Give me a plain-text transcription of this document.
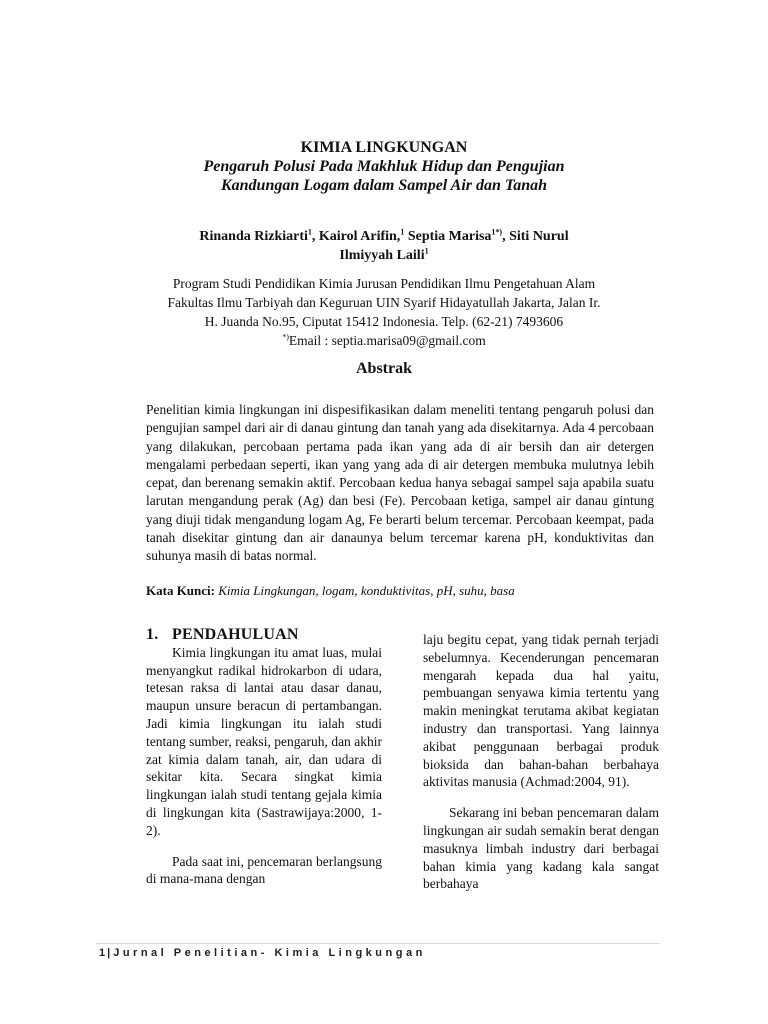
KIMIA LINGKUNGAN

Pengaruh Polusi Pada Makhluk Hidup dan Pengujian

Kandungan Logam dalam Sampel Air dan Tanah

Rinanda Rizkiarti$^1$, Kairol Arifin,$^1$ Septia Marisa$^{1*)}$, Siti Nurul
Ilmiyyah Laili$^1$
Program Studi Pendidikan Kimia Jurusan Pendidikan Ilmu Pengetahuan Alam
Fakultas Ilmu Tarbiyah dan Keguruan UIN Syarif Hidayatullah Jakarta, Jalan Ir.
H. Juanda No.95, Ciputat 15412 Indonesia. Telp. (62-21) 7493606
*)Email : septia.marisa09@gmail.com
Abstrak

Penelitian kimia lingkungan ini dispesifikasikan dalam meneliti tentang pengaruh polusi dan pengujian sampel dari air di danau gintung dan tanah yang ada disekitarnya. Ada 4 percobaan yang dilakukan, percobaan pertama pada ikan yang ada di air bersih dan air detergen mengalami perbedaan seperti, ikan yang yang ada di air detergen membuka mulutnya lebih cepat, dan berenang semakin aktif. Percobaan kedua hanya sebagai sampel saja apabila suatu larutan mengandung perak (Ag) dan besi (Fe). Percobaan ketiga, sampel air danau gintung yang diuji tidak mengandung logam Ag, Fe berarti belum tercemar. Percobaan keempat, pada tanah disekitar gintung dan air danaunya belum tercemar karena pH, konduktivitas dan suhunya masih di batas normal.

Kata Kunci: Kimia Lingkungan, logam, konduktivitas, pH, suhu, basa

1. PENDAHULUAN

Kimia lingkungan itu amat luas, mulai menyangkut radikal hidrokarbon di udara, tetesan raksa di lantai atau dasar danau, maupun unsure beracun di pertambangan. Jadi kimia lingkungan itu ialah studi tentang sumber, reaksi, pengaruh, dan akhir zat kimia dalam tanah, air, dan udara di sekitar kita. Secara singkat kimia lingkungan ialah studi tentang gejala kimia di lingkungan kita (Sastrawijaya:2000, 1-2).

Pada saat ini, pencemaran berlangsung di mana-mana dengan

laju begitu cepat, yang tidak pernah terjadi sebelumnya. Kecenderungan pencemaran mengarah kepada dua hal yaitu, pembuangan senyawa kimia tertentu yang makin meningkat terutama akibat kegiatan industry dan transportasi. Yang lainnya akibat penggunaan berbagai produk bioksida dan bahan-bahan berbahaya aktivitas manusia (Achmad:2004, 91).

Sekarang ini beban pencemaran dalam lingkungan air sudah semakin berat dengan masuknya limbah industry dari berbagai bahan kimia yang kadang kala sangat berbahaya

1 | Jurnal Penelitian- Kimia Lingkungan
